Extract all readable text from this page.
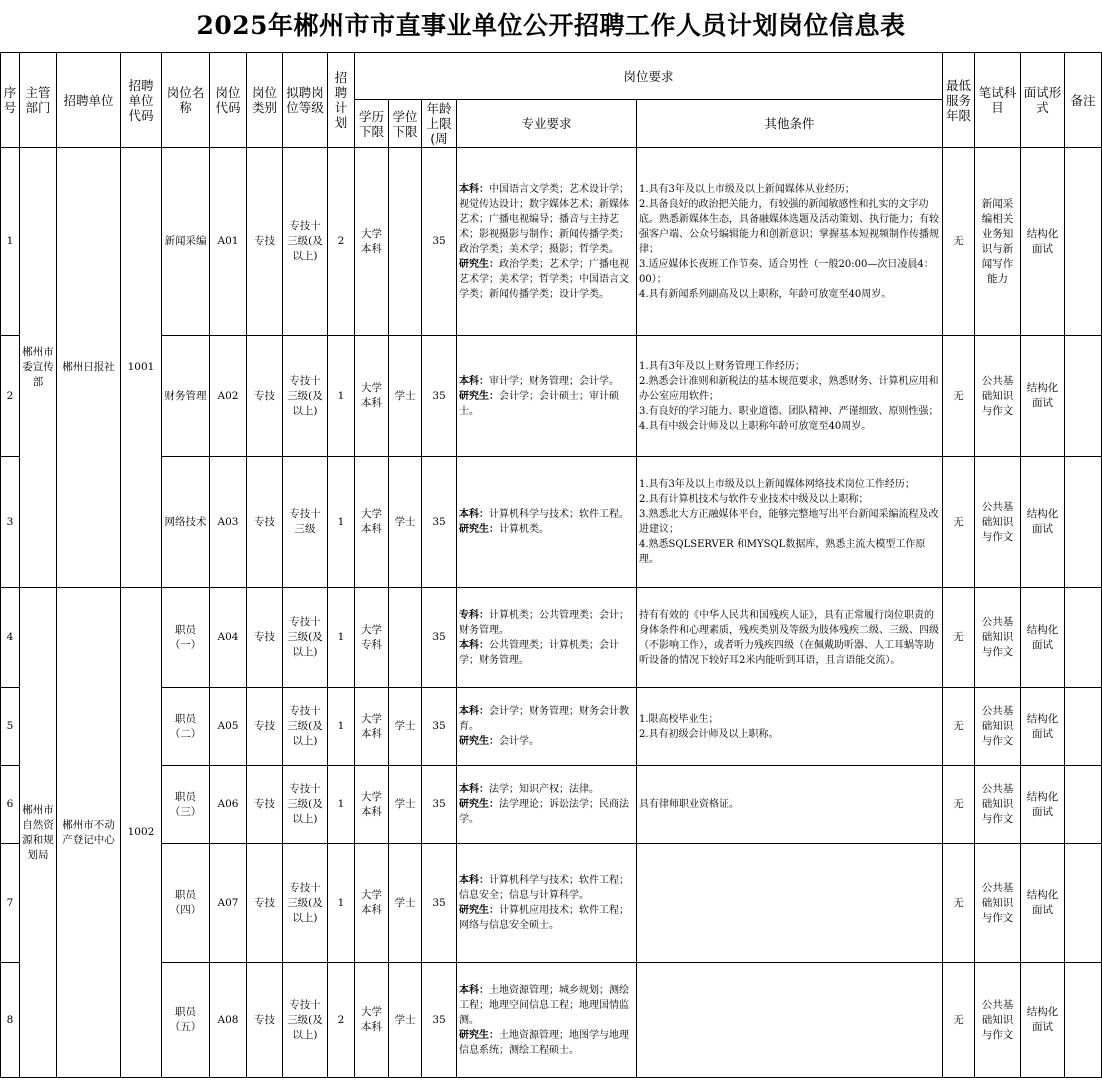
2025年郴州市市直事业单位公开招聘工作人员计划岗位信息表
序号	主管部门	招聘单位	招聘单位代码	岗位名称	岗位代码	岗位类别	拟聘岗位等级	招聘计划	岗位要求					最低服务年限	笔试科目	面试形式	备注
									学历下限	学位下限	年龄上限(周	专业要求	其他条件				
1	郴州市委宣传部	郴州日报社	1001	新闻采编	A01	专技	专技十三级(及以上)	2	大学本科		35	本科：中国语言文学类；艺术设计学；视觉传达设计；数字媒体艺术；新媒体艺术；广播电视编导；播音与主持艺术；影视摄影与制作；新闻传播学类；政治学类；美术学；摄影；哲学类。
研究生：政治学类；艺术学；广播电视艺术学；美术学；哲学类；中国语言文学类；新闻传播学类；设计学类。	1.具有3年及以上市级及以上新闻媒体从业经历；
2.具备良好的政治把关能力，有较强的新闻敏感性和扎实的文字功底。熟悉新媒体生态，具备融媒体选题及活动策划、执行能力；有较强客户端、公众号编辑能力和创新意识；掌握基本短视频制作传播规律；
3.适应媒体长夜班工作节奏、适合男性（一般20:00—次日凌晨4：00）；
4.具有新闻系列副高及以上职称，年龄可放宽至40周岁。	无	新闻采编相关业务知识与新闻写作能力	结构化面试	
2				财务管理	A02	专技	专技十三级(及以上)	1	大学本科	学士	35	本科：审计学；财务管理；会计学。
研究生：会计学；会计硕士；审计硕士。	1.具有3年及以上财务管理工作经历；
2.熟悉会计准则和新税法的基本规范要求，熟悉财务、计算机应用和办公室应用软件；
3.有良好的学习能力、职业道德、团队精神、严谨细致、原则性强；
4.具有中级会计师及以上职称年龄可放宽至40周岁。	无	公共基础知识与作文	结构化面试	
3				网络技术	A03	专技	专技十三级	1	大学本科	学士	35	本科：计算机科学与技术；软件工程。
研究生：计算机类。	1.具有3年及以上市级及以上新闻媒体网络技术岗位工作经历；
2.具有计算机技术与软件专业技术中级及以上职称；
3.熟悉北大方正融媒体平台，能够完整地写出平台新闻采编流程及改进建议；
4.熟悉SQLSERVER 和MYSQL数据库，熟悉主流大模型工作原理。	无	公共基础知识与作文	结构化面试	
4	郴州市自然资源和规划局	郴州市不动产登记中心	1002	职员（一）	A04	专技	专技十三级(及以上)	1	大学专科		35	专科：计算机类；公共管理类；会计；财务管理。
本科：公共管理类；计算机类；会计学；财务管理。	持有有效的《中华人民共和国残疾人证》，具有正常履行岗位职责的身体条件和心理素质，残疾类别及等级为肢体残疾二级、三级、四级（不影响工作），或者听力残疾四级（在佩戴助听器、人工耳蜗等助听设备的情况下较好耳2米内能听到耳语，且言语能交流）。	无	公共基础知识与作文	结构化面试	
5				职员（二）	A05	专技	专技十三级(及以上)	1	大学本科	学士	35	本科：会计学；财务管理；财务会计教育。
研究生：会计学。	1.限高校毕业生；
2.具有初级会计师及以上职称。	无	公共基础知识与作文	结构化面试	
6				职员（三）	A06	专技	专技十三级(及以上)	1	大学本科	学士	35	本科：法学；知识产权；法律。
研究生：法学理论；诉讼法学；民商法学。	具有律师职业资格证。	无	公共基础知识与作文	结构化面试	
7				职员（四）	A07	专技	专技十三级(及以上)	1	大学本科	学士	35	本科：计算机科学与技术；软件工程；信息安全；信息与计算科学。
研究生：计算机应用技术；软件工程；网络与信息安全硕士。		无	公共基础知识与作文	结构化面试	
8				职员（五）	A08	专技	专技十三级(及以上)	2	大学本科	学士	35	本科：土地资源管理；城乡规划；测绘工程；地理空间信息工程；地理国情监测。
研究生：土地资源管理；地图学与地理信息系统；测绘工程硕士。		无	公共基础知识与作文	结构化面试	
